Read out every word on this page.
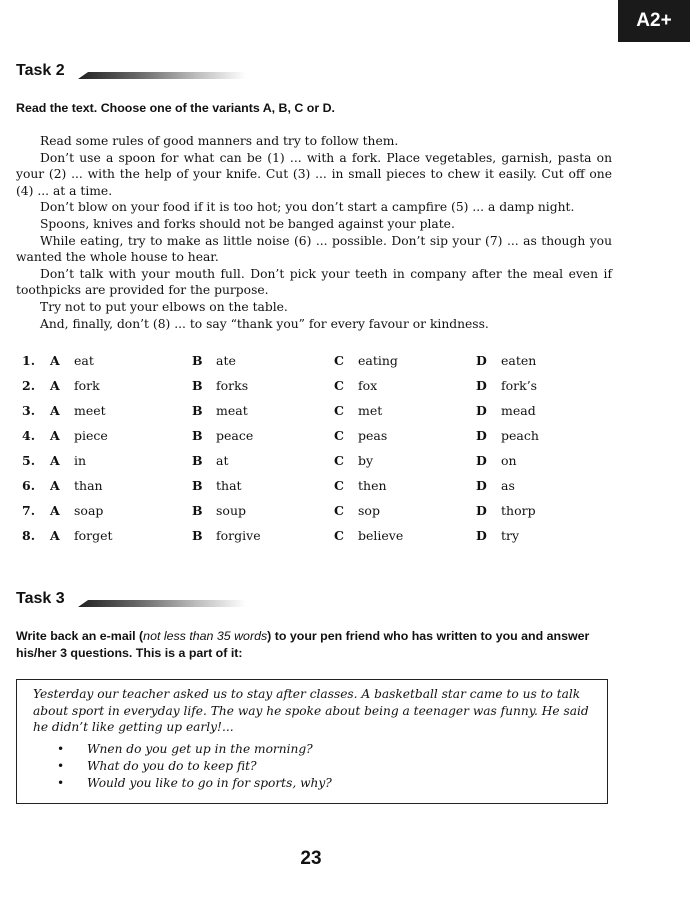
A2+
Task 2
Read the text. Choose one of the variants A, B, C or D.

Read some rules of good manners and try to follow them.

Don’t use a spoon for what can be (1) ... with a fork. Place vegetables, garnish, pasta on your (2) ... with the help of your knife. Cut (3) ... in small pieces to chew it easily. Cut off one (4) ... at a time.

Don’t blow on your food if it is too hot; you don’t start a campfire (5) ... a damp night.

Spoons, knives and forks should not be banged against your plate.

While eating, try to make as little noise (6) ... possible. Don’t sip your (7) ... as though you wanted the whole house to hear.

Don’t talk with your mouth full. Don’t pick your teeth in company after the meal even if toothpicks are provided for the purpose.

Try not to put your elbows on the table.

And, finally, don’t (8) ... to say “thank you” for every favour or kindness.

1. A eat	B ate	C eating	D eaten
2. A fork	B forks	C fox	D fork’s
3. A meet	B meat	C met	D mead
4. A piece	B peace	C peas	D peach
5. A in	B at	C by	D on
6. A than	B that	C then	D as
7. A soap	B soup	C sop	D thorp
8. A forget	B forgive	C believe	D try
Task 3
Write back an e-mail (not less than 35 words) to your pen friend who has written to you and answer his/her 3 questions. This is a part of it:
Yesterday our teacher asked us to stay after classes. A basketball star came to us to talk about sport in everyday life. The way he spoke about being a teenager was funny. He said he didn’t like getting up early!...
• Wnen do you get up in the morning?
• What do you do to keep fit?
• Would you like to go in for sports, why?
23
